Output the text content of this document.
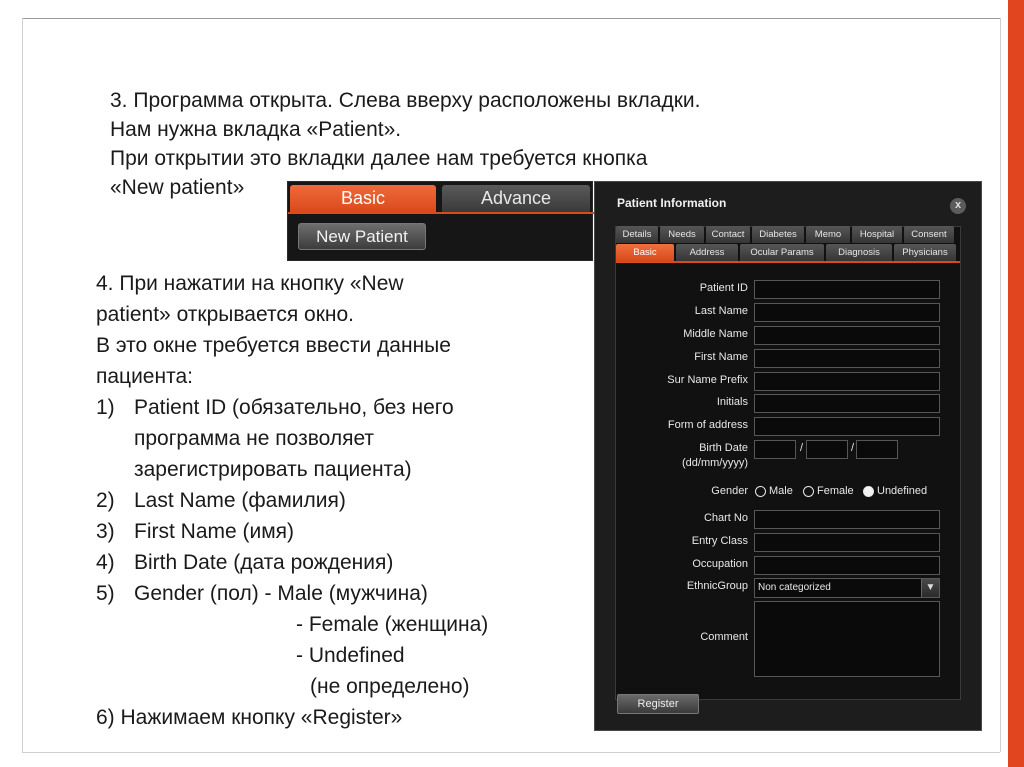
3. Программа открыта. Слева вверху расположены вкладки.
Нам нужна вкладка «Patient».
При открытии это вкладки далее нам требуется кнопка
«New patient»	Basic	Advance
New Patient
4. При нажатии на кнопку «New
patient» открывается окно.
В это окне требуется ввести данные
пациента:
1) Patient ID (обязательно, без него
программа не позволяет
зарегистрировать пациента)
2) Last Name (фамилия)
3) First Name (имя)
4) Birth Date (дата рождения)
5) Gender (пол) - Male (мужчина)
- Female (женщина)
- Undefined
(не определено)
6) Нажимаем кнопку «Register»
Patient Information	x
Details	Needs	Contact	Diabetes	Memo	Hospital	Consent
Basic	Address	Ocular Params	Diagnosis	Physicians
Patient ID
Last Name
Middle Name
First Name
Sur Name Prefix
Initials
Form of address
Birth Date
(dd/mm/yyyy)
/	/
Gender Male Female Undefined
Chart No
Entry Class
Occupation
EthnicGroup	Non categorized	▼
Comment
Register
